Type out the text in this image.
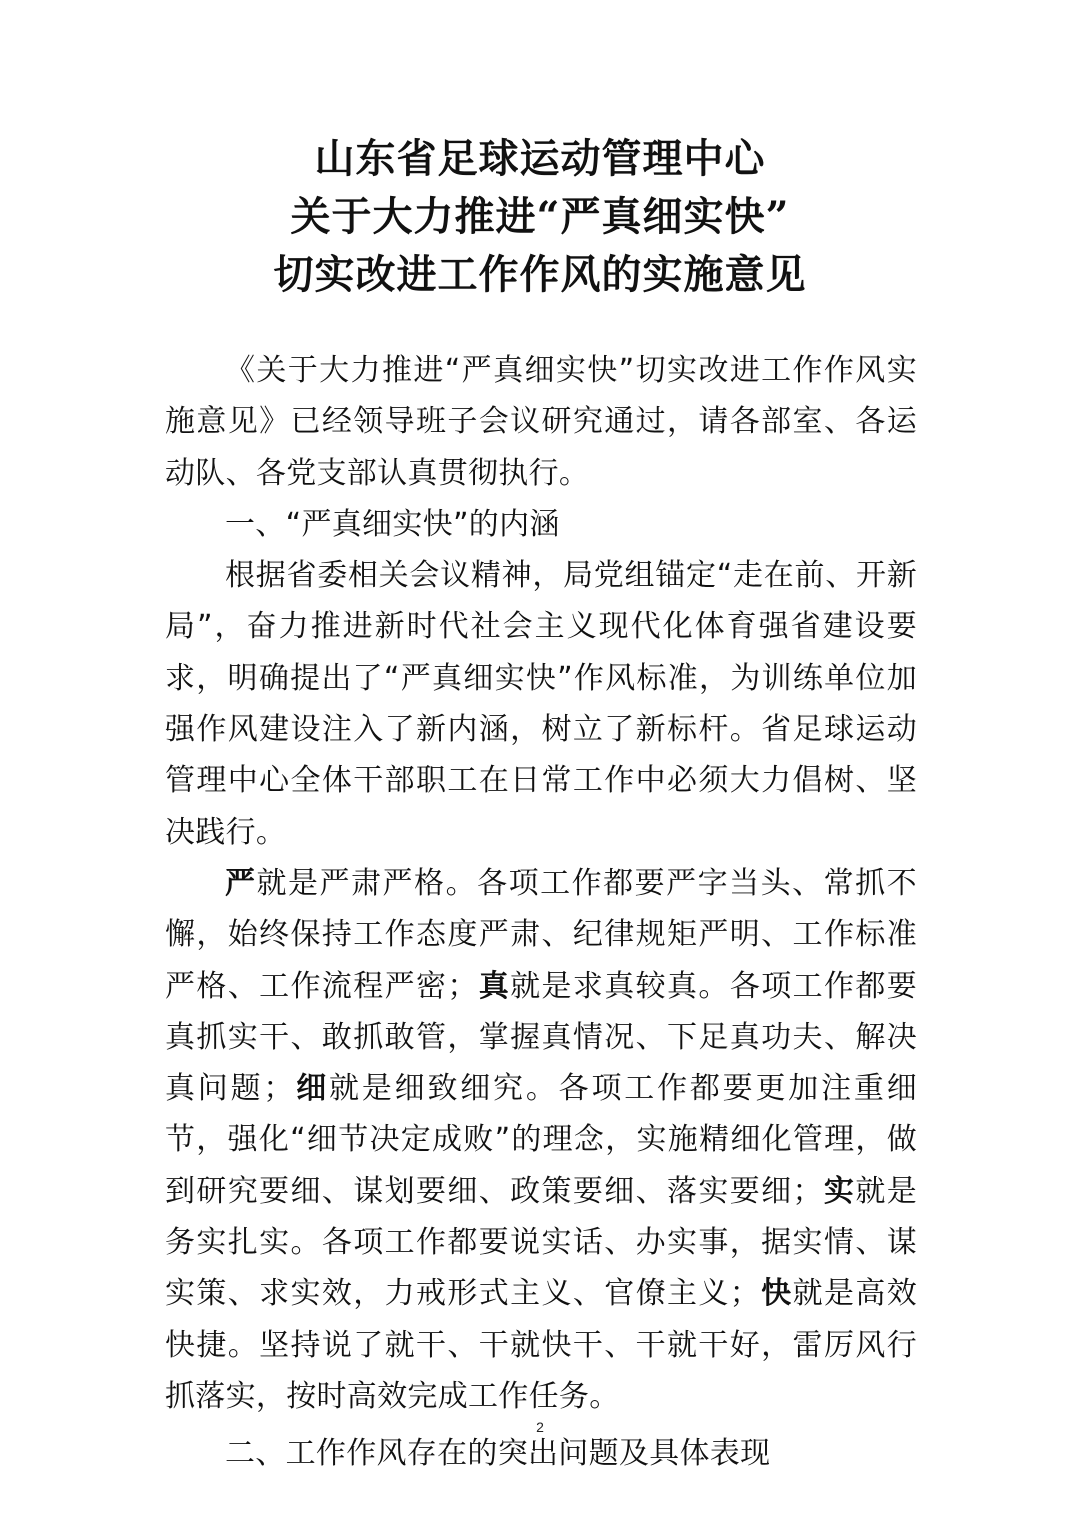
山东省足球运动管理中心
关于大力推进“严真细实快”
切实改进工作作风的实施意见

《关于大力推进“严真细实快”切实改进工作作风实施意见》已经领导班子会议研究通过，请各部室、各运动队、各党支部认真贯彻执行。

一、“严真细实快”的内涵

根据省委相关会议精神，局党组锚定“走在前、开新局”，奋力推进新时代社会主义现代化体育强省建设要求，明确提出了“严真细实快”作风标准，为训练单位加强作风建设注入了新内涵，树立了新标杆。省足球运动管理中心全体干部职工在日常工作中必须大力倡树、坚决践行。

严就是严肃严格。各项工作都要严字当头、常抓不懈，始终保持工作态度严肃、纪律规矩严明、工作标准严格、工作流程严密；真就是求真较真。各项工作都要真抓实干、敢抓敢管，掌握真情况、下足真功夫、解决真问题；细就是细致细究。各项工作都要更加注重细节，强化“细节决定成败”的理念，实施精细化管理，做到研究要细、谋划要细、政策要细、落实要细；实就是务实扎实。各项工作都要说实话、办实事，据实情、谋实策、求实效，力戒形式主义、官僚主义；快就是高效快捷。坚持说了就干、干就快干、干就干好，雷厉风行抓落实，按时高效完成工作任务。

二、工作作风存在的突出问题及具体表现

2
